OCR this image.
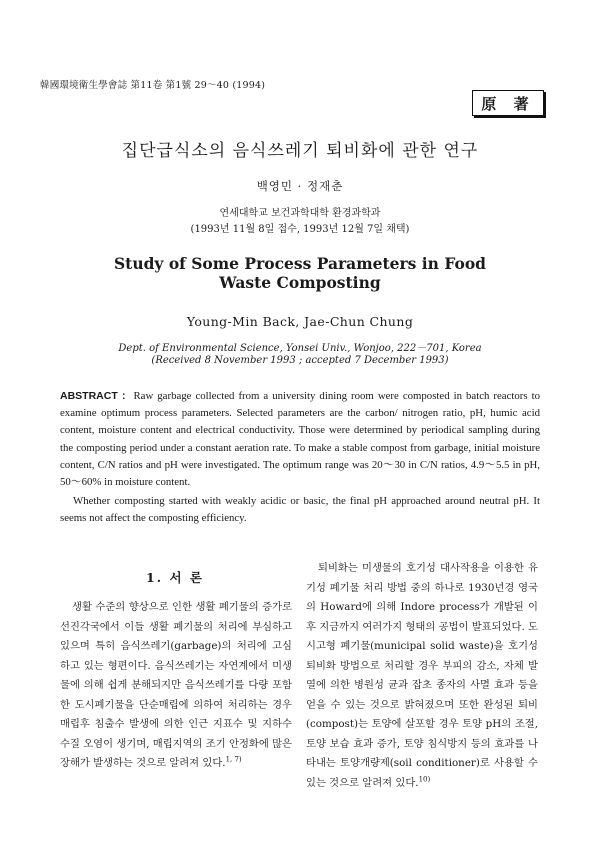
韓國環境衛生學會誌 第11卷 第1號 29～40 (1994)
原 著
집단급식소의 음식쓰레기 퇴비화에 관한 연구
백영민 · 정재춘
연세대학교 보건과학대학 환경과학과
(1993년 11월 8일 접수, 1993년 12월 7일 채택)
Study of Some Process Parameters in Food
Waste Composting
Young-Min Back, Jae-Chun Chung
Dept. of Environmental Science, Yonsei Univ., Wonjoo, 222－701, Korea
(Received 8 November 1993 ; accepted 7 December 1993)

ABSTRACT : Raw garbage collected from a university dining room were composted in batch reactors to examine optimum process parameters. Selected parameters are the carbon/ nitrogen ratio, pH, humic acid content, moisture content and electrical conductivity. Those were determined by periodical sampling during the composting period under a constant aeration rate. To make a stable compost from garbage, initial moisture content, C/N ratios and pH were investigated. The optimum range was 20～30 in C/N ratios, 4.9～5.5 in pH, 50～60% in moisture content.

Whether composting started with weakly acidic or basic, the final pH approached around neutral pH. It seems not affect the composting efficiency.

1. 서 론

생활 수준의 향상으로 인한 생활 폐기물의 증가로 선진각국에서 이들 생활 폐기물의 처리에 부심하고 있으며 특히 음식쓰레기(garbage)의 처리에 고심하고 있는 형편이다. 음식쓰레기는 자연계에서 미생물에 의해 쉽게 분해되지만 음식쓰레기를 다량 포함한 도시폐기물을 단순매립에 의하여 처리하는 경우 매립후 침출수 발생에 의한 인근 지표수 및 지하수 수질 오염이 생기며, 매립지역의 조기 안정화에 많은 장해가 발생하는 것으로 알려져 있다.$^{1, 7)}$

퇴비화는 미생물의 호기성 대사작용을 이용한 유기성 폐기물 처리 방법 중의 하나로 1930년경 영국의 Howard에 의해 Indore process가 개발된 이후 지금까지 여러가지 형태의 공법이 발표되었다. 도시고형 폐기물(municipal solid waste)을 호기성 퇴비화 방법으로 처리할 경우 부피의 감소, 자체 발열에 의한 병원성 균과 잡초 종자의 사멸 효과 등을 얻을 수 있는 것으로 밝혀졌으며 또한 완성된 퇴비(compost)는 토양에 살포할 경우 토양 pH의 조절, 토양 보습 효과 증가, 토양 침식방지 등의 효과를 나타내는 토양개량제(soil conditioner)로 사용할 수 있는 것으로 알려져 있다.$^{10)}$
